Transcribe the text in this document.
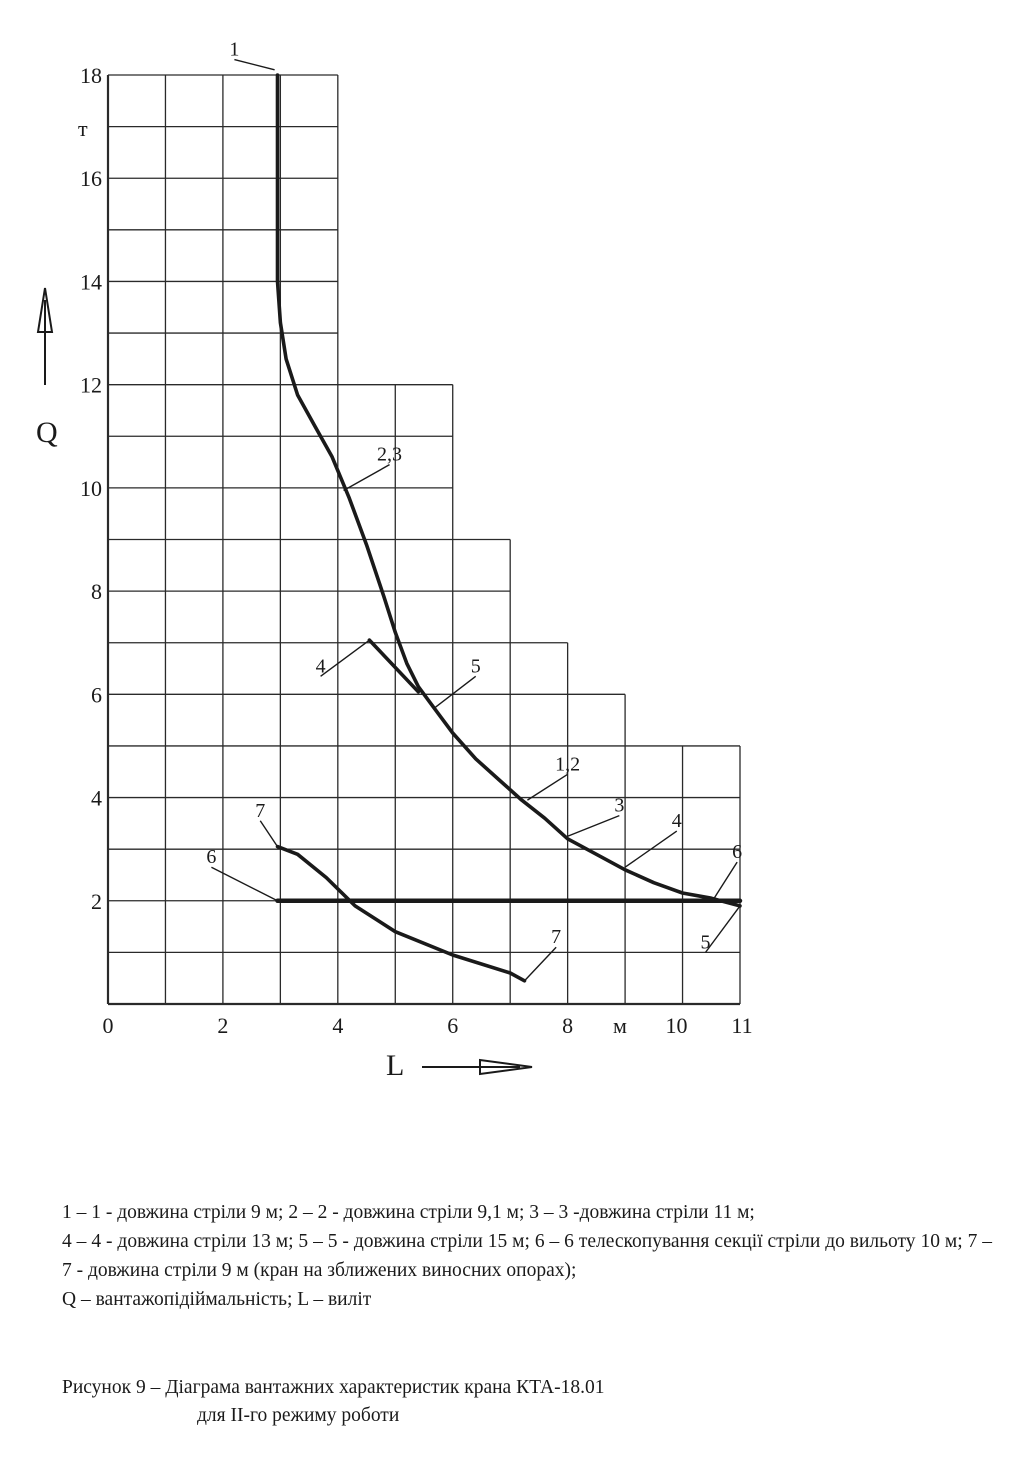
2
4
6
8
10
12
14
16
18
0	2	4	6	8	10 11
1
2,3
4	5
1,2
3
4
6
5
7
6
7
т
м
Q
L

1 – 1 - довжина стріли 9 м; 2 – 2 - довжина стріли 9,1 м; 3 – 3 -довжина стріли 11 м;

4 – 4 - довжина стріли 13 м; 5 – 5 - довжина стріли 15 м; 6 – 6 телескопування секції стріли до вильоту 10 м; 7 – 7 - довжина стріли 9 м (кран на зближених виносних опорах);

Q – вантажопідіймальність; L – виліт

Рисунок 9 – Діаграма вантажних характеристик крана КТА-18.01
для II-го режиму роботи
